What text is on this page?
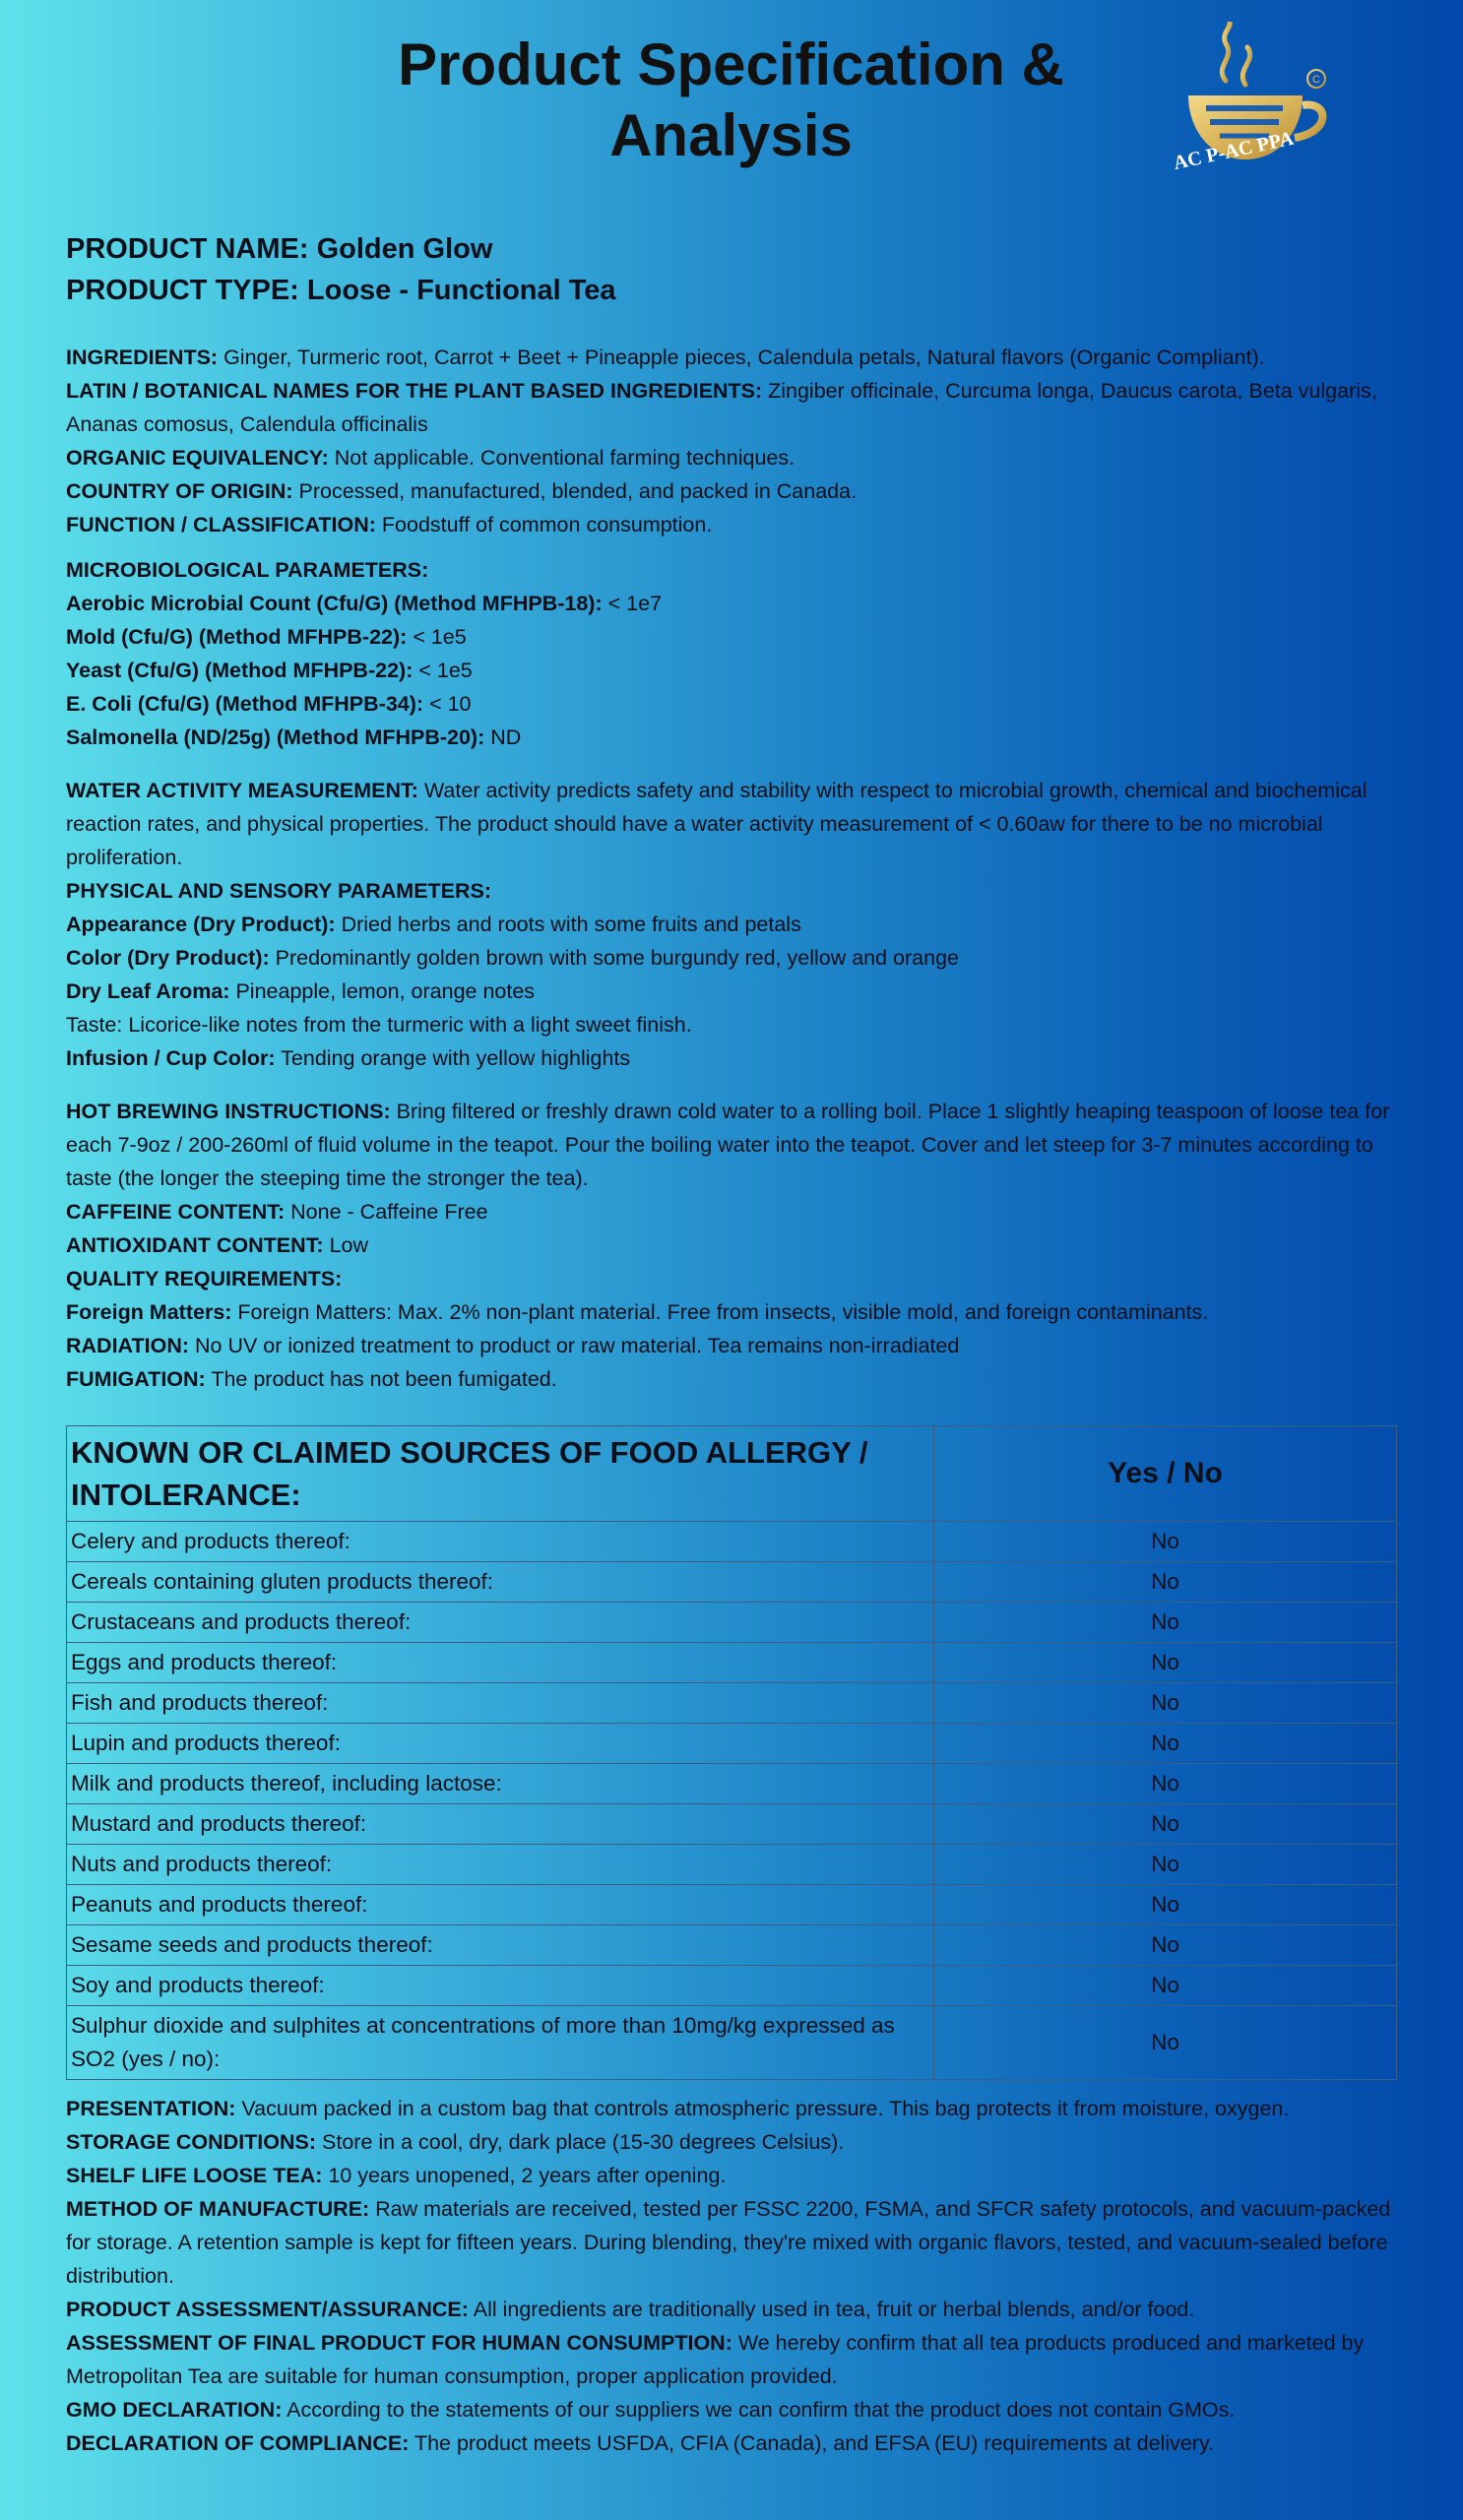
Product Specification & Analysis
C
AC P-AC PPA

PRODUCT NAME: Golden Glow

PRODUCT TYPE: Loose - Functional Tea

INGREDIENTS: Ginger, Turmeric root, Carrot + Beet + Pineapple pieces, Calendula petals, Natural flavors (Organic Compliant).

LATIN / BOTANICAL NAMES FOR THE PLANT BASED INGREDIENTS: Zingiber officinale, Curcuma longa, Daucus carota, Beta vulgaris, Ananas comosus, Calendula officinalis

ORGANIC EQUIVALENCY: Not applicable. Conventional farming techniques.

COUNTRY OF ORIGIN: Processed, manufactured, blended, and packed in Canada.

FUNCTION / CLASSIFICATION: Foodstuff of common consumption.

MICROBIOLOGICAL PARAMETERS:

Aerobic Microbial Count (Cfu/G) (Method MFHPB-18): < 1e7

Mold (Cfu/G) (Method MFHPB-22): < 1e5

Yeast (Cfu/G) (Method MFHPB-22): < 1e5

E. Coli (Cfu/G) (Method MFHPB-34): < 10

Salmonella (ND/25g) (Method MFHPB-20): ND

WATER ACTIVITY MEASUREMENT: Water activity predicts safety and stability with respect to microbial growth, chemical and biochemical reaction rates, and physical properties. The product should have a water activity measurement of < 0.60aw for there to be no microbial proliferation.

PHYSICAL AND SENSORY PARAMETERS:

Appearance (Dry Product): Dried herbs and roots with some fruits and petals

Color (Dry Product): Predominantly golden brown with some burgundy red, yellow and orange

Dry Leaf Aroma: Pineapple, lemon, orange notes

Taste: Licorice-like notes from the turmeric with a light sweet finish.

Infusion / Cup Color: Tending orange with yellow highlights

HOT BREWING INSTRUCTIONS: Bring filtered or freshly drawn cold water to a rolling boil. Place 1 slightly heaping teaspoon of loose tea for each 7-9oz / 200-260ml of fluid volume in the teapot. Pour the boiling water into the teapot. Cover and let steep for 3-7 minutes according to taste (the longer the steeping time the stronger the tea).

CAFFEINE CONTENT: None - Caffeine Free

ANTIOXIDANT CONTENT: Low

QUALITY REQUIREMENTS:

Foreign Matters: Foreign Matters: Max. 2% non-plant material. Free from insects, visible mold, and foreign contaminants.

RADIATION: No UV or ionized treatment to product or raw material. Tea remains non-irradiated

FUMIGATION: The product has not been fumigated.

KNOWN OR CLAIMED SOURCES OF FOOD ALLERGY / INTOLERANCE:	Yes / No
Celery and products thereof:	No
Cereals containing gluten products thereof:	No
Crustaceans and products thereof:	No
Eggs and products thereof:	No
Fish and products thereof:	No
Lupin and products thereof:	No
Milk and products thereof, including lactose:	No
Mustard and products thereof:	No
Nuts and products thereof:	No
Peanuts and products thereof:	No
Sesame seeds and products thereof:	No
Soy and products thereof:	No
Sulphur dioxide and sulphites at concentrations of more than 10mg/kg expressed as SO2 (yes / no):	No

PRESENTATION: Vacuum packed in a custom bag that controls atmospheric pressure. This bag protects it from moisture, oxygen.

STORAGE CONDITIONS: Store in a cool, dry, dark place (15-30 degrees Celsius).

SHELF LIFE LOOSE TEA: 10 years unopened, 2 years after opening.

METHOD OF MANUFACTURE: Raw materials are received, tested per FSSC 2200, FSMA, and SFCR safety protocols, and vacuum-packed for storage. A retention sample is kept for fifteen years. During blending, they're mixed with organic flavors, tested, and vacuum-sealed before distribution.

PRODUCT ASSESSMENT/ASSURANCE: All ingredients are traditionally used in tea, fruit or herbal blends, and/or food.

ASSESSMENT OF FINAL PRODUCT FOR HUMAN CONSUMPTION: We hereby confirm that all tea products produced and marketed by Metropolitan Tea are suitable for human consumption, proper application provided.

GMO DECLARATION: According to the statements of our suppliers we can confirm that the product does not contain GMOs.

DECLARATION OF COMPLIANCE: The product meets USFDA, CFIA (Canada), and EFSA (EU) requirements at delivery.
